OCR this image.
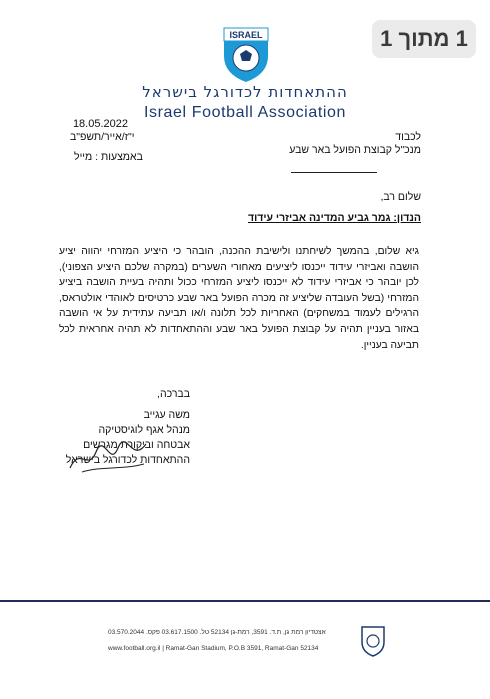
1 מתוך 1
ISRAEL
ההתאחדות לכדורגל בישראל
Israel Football Association
18.05.2022
י"ז/אייר/תשפ"ב
באמצעות : מייל
לכבוד
מנכ"ל קבוצת הפועל באר שבע
שלום רב,
הנדון: גמר גביע המדינה אביזרי עידוד
גיא שלום, בהמשך לשיחתנו ולישיבת ההכנה, הובהר כי היציע המזרחי יהווה יציע הושבה ואביזרי עידוד ייכנסו ליציעים מאחורי השערים (במקרה שלכם היציע הצפוני), לכן יובהר כי אביזרי עידוד לא ייכנסו ליציע המזרחי ככול ותהיה בעיית הושבה ביציע המזרחי (בשל העובדה שליציע זה מכרה הפועל באר שבע כרטיסים לאוהדי אולטראס, הרגילים לעמוד במשחקים) האחריות לכל תלונה ו/או תביעה עתידית על אי הושבה באזור בעניין תהיה על קבוצת הפועל באר שבע וההתאחדות לא תהיה אחראית לכל תביעה בעניין.
בברכה,
משה עגייב
מנהל אגף לוגיסטיקה
אבטחה וביקורת מגרשים
ההתאחדות לכדורגל בישראל
אצטדיון רמת גן, ת.ד. 3591, רמת-גן 52134 טל. 03.617.1500 פקס. 03.570.2044
www.football.org.il | Ramat-Gan Stadium, P.O.B 3591, Ramat-Gan 52134
